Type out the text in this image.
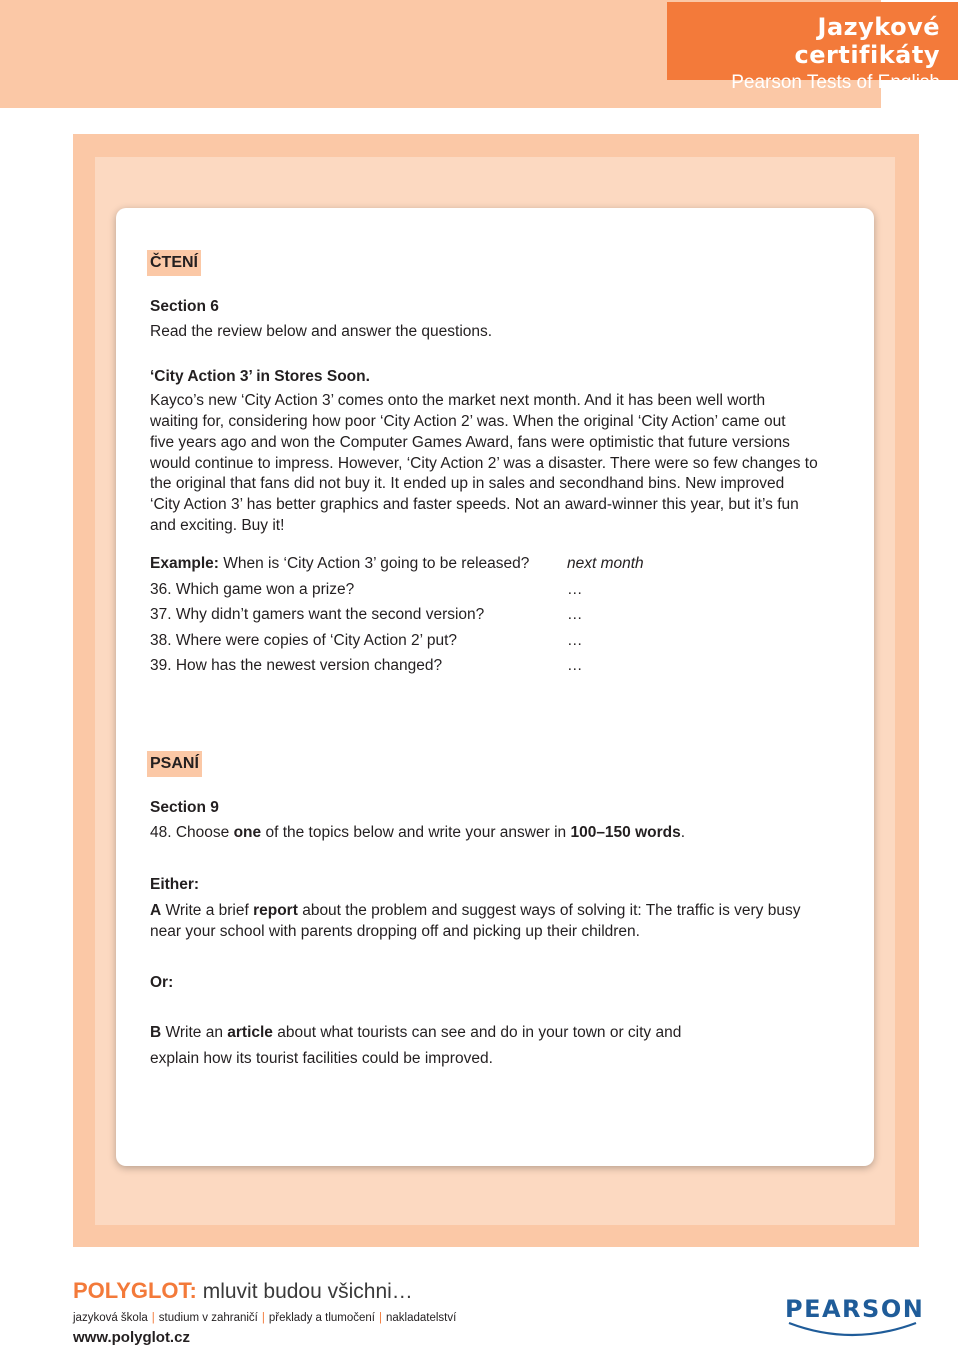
Jazykové certifikáty
Pearson Tests of English
ČTENÍ

Section 6

Read the review below and answer the questions.

‘City Action 3’ in Stores Soon.

Kayco’s new ‘City Action 3’ comes onto the market next month. And it has been well worth

waiting for, considering how poor ‘City Action 2’ was. When the original ‘City Action’ came out

five years ago and won the Computer Games Award, fans were optimistic that future versions

would continue to impress. However, ‘City Action 2’ was a disaster. There were so few changes to

the original that fans did not buy it. It ended up in sales and secondhand bins. New improved

‘City Action 3’ has better graphics and faster speeds. Not an award-winner this year, but it’s fun

and exciting. Buy it!

Example: When is ‘City Action 3’ going to be released?	next month
36. Which game won a prize?	…
37. Why didn’t gamers want the second version?	…
38. Where were copies of ‘City Action 2’ put?	…
39. How has the newest version changed?	…
PSANÍ

Section 9

48. Choose one of the topics below and write your answer in 100–150 words.

Either:

A Write a brief report about the problem and suggest ways of solving it: The traffic is very busy

near your school with parents dropping off and picking up their children.

Or:

B Write an article about what tourists can see and do in your town or city and

explain how its tourist facilities could be improved.

POLYGLOT: mluvit budou všichni…
jazyková škola | studium v zahraničí | překlady a tlumočení | nakladatelství
www.polyglot.cz
PEARSON
